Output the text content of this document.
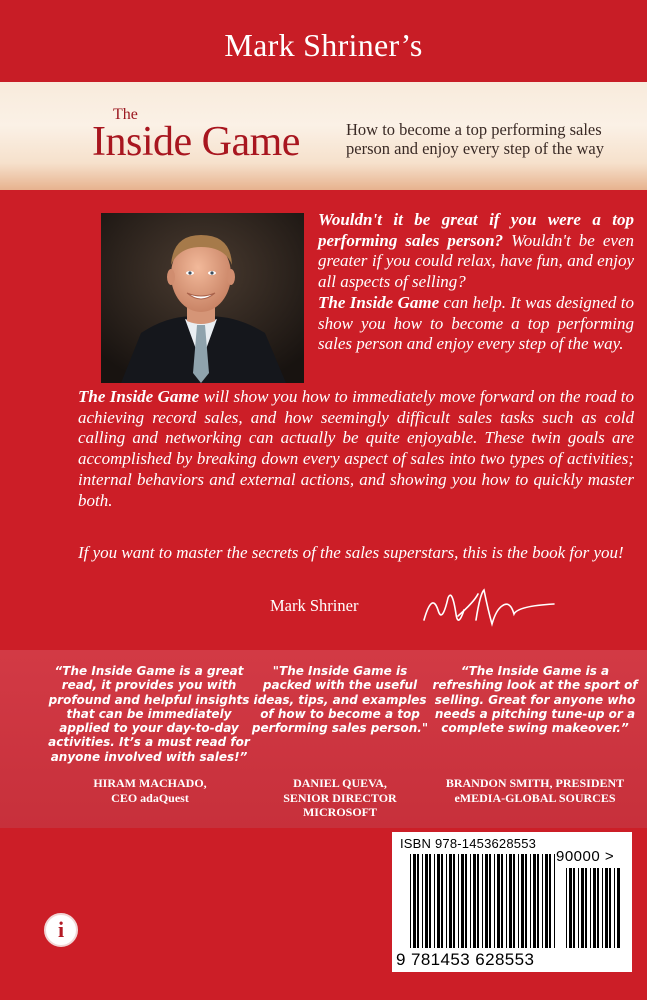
Mark Shriner’s
The
Inside Game	How to become a top performing sales person and enjoy every step of the way

Wouldn't it be great if you were a top performing sales person? Wouldn't be even greater if you could relax, have fun, and enjoy all aspects of selling?

The Inside Game can help. It was designed to show you how to become a top performing sales person and enjoy every step of the way.

The Inside Game will show you how to immediately move forward on the road to achieving record sales, and how seemingly difficult sales tasks such as cold calling and networking can actually be quite enjoyable. These twin goals are accomplished by breaking down every aspect of sales into two types of activities; internal behaviors and external actions, and showing you how to quickly master both.
If you want to master the secrets of the sales superstars, this is the book for you!
Mark Shriner
“The Inside Game is a great read, it provides you with profound and helpful insights that can be immediately applied to your day-to-day activities. It’s a must read for anyone involved with sales!”
"The Inside Game is packed with the useful ideas, tips, and examples of how to become a top performing sales person."
“The Inside Game is a refreshing look at the sport of selling. Great for anyone who needs a pitching tune-up or a complete swing makeover.”
HIRAM MACHADO,
CEO adaQuest
DANIEL QUEVA,
SENIOR DIRECTOR MICROSOFT
BRANDON SMITH, PRESIDENT
eMEDIA-GLOBAL SOURCES
i
ISBN 978-1453628553
90000 >
9 781453 628553
